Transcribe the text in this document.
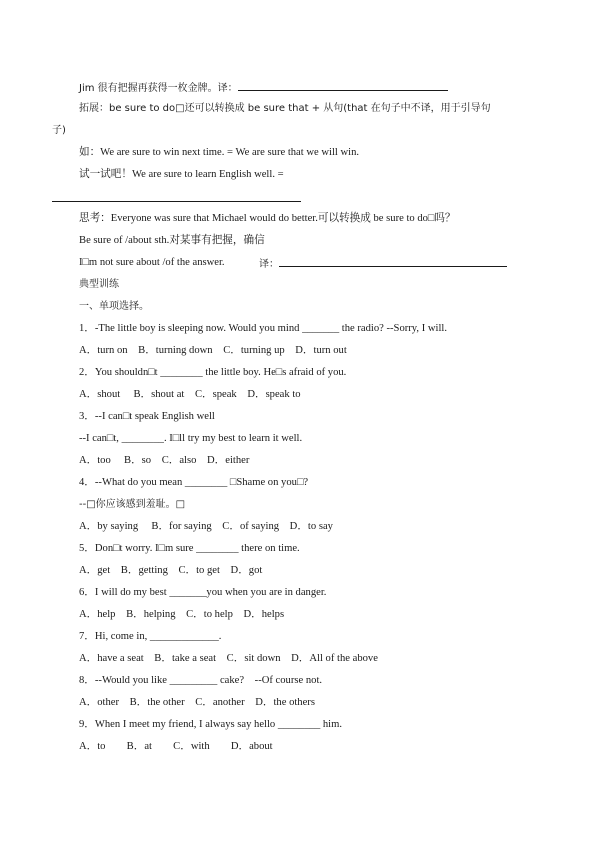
Jim 很有把握再获得一枚金牌。译：
拓展：be sure to do□还可以转换成 be sure that + 从句(that 在句子中不译，用于引导句
子)
如：We are sure to win next time. = We are sure that we will win.
试一试吧！We are sure to learn English well. =
思考：Everyone was sure that Michael would do better.可以转换成 be sure to do□吗？
Be sure of /about sth.对某事有把握，确信
I□m not sure about /of the answer.	译：
典型训练
一、单项选择。
1．-The little boy is sleeping now. Would you mind _______ the radio? --Sorry, I will.
A．turn on　B．turning down　C．turning up　D．turn out
2．You shouldn□t ________ the little boy. He□s afraid of you.
A．shout　 B．shout at　C．speak　D．speak to
3．--I can□t speak English well
--I can□t, ________. I□ll try my best to learn it well.
A．too　 B．so　C．also　D．either
4．--What do you mean ________ □Shame on you□?
--□你应该感到羞耻。□
A．by saying　 B．for saying　C．of saying　D．to say
5．Don□t worry. I□m sure ________ there on time.
A．get　B．getting　C．to get　D．got
6．I will do my best _______you when you are in danger.
A．help　B．helping　C．to help　D．helps
7．Hi, come in, _____________.
A．have a seat　B．take a seat　C．sit down　D．All of the above
8．--Would you like _________ cake?　--Of course not.
A．other　B．the other　C．another　D．the others
9．When I meet my friend, I always say hello ________ him.
A．to　　B．at　　C．with　　D．about
